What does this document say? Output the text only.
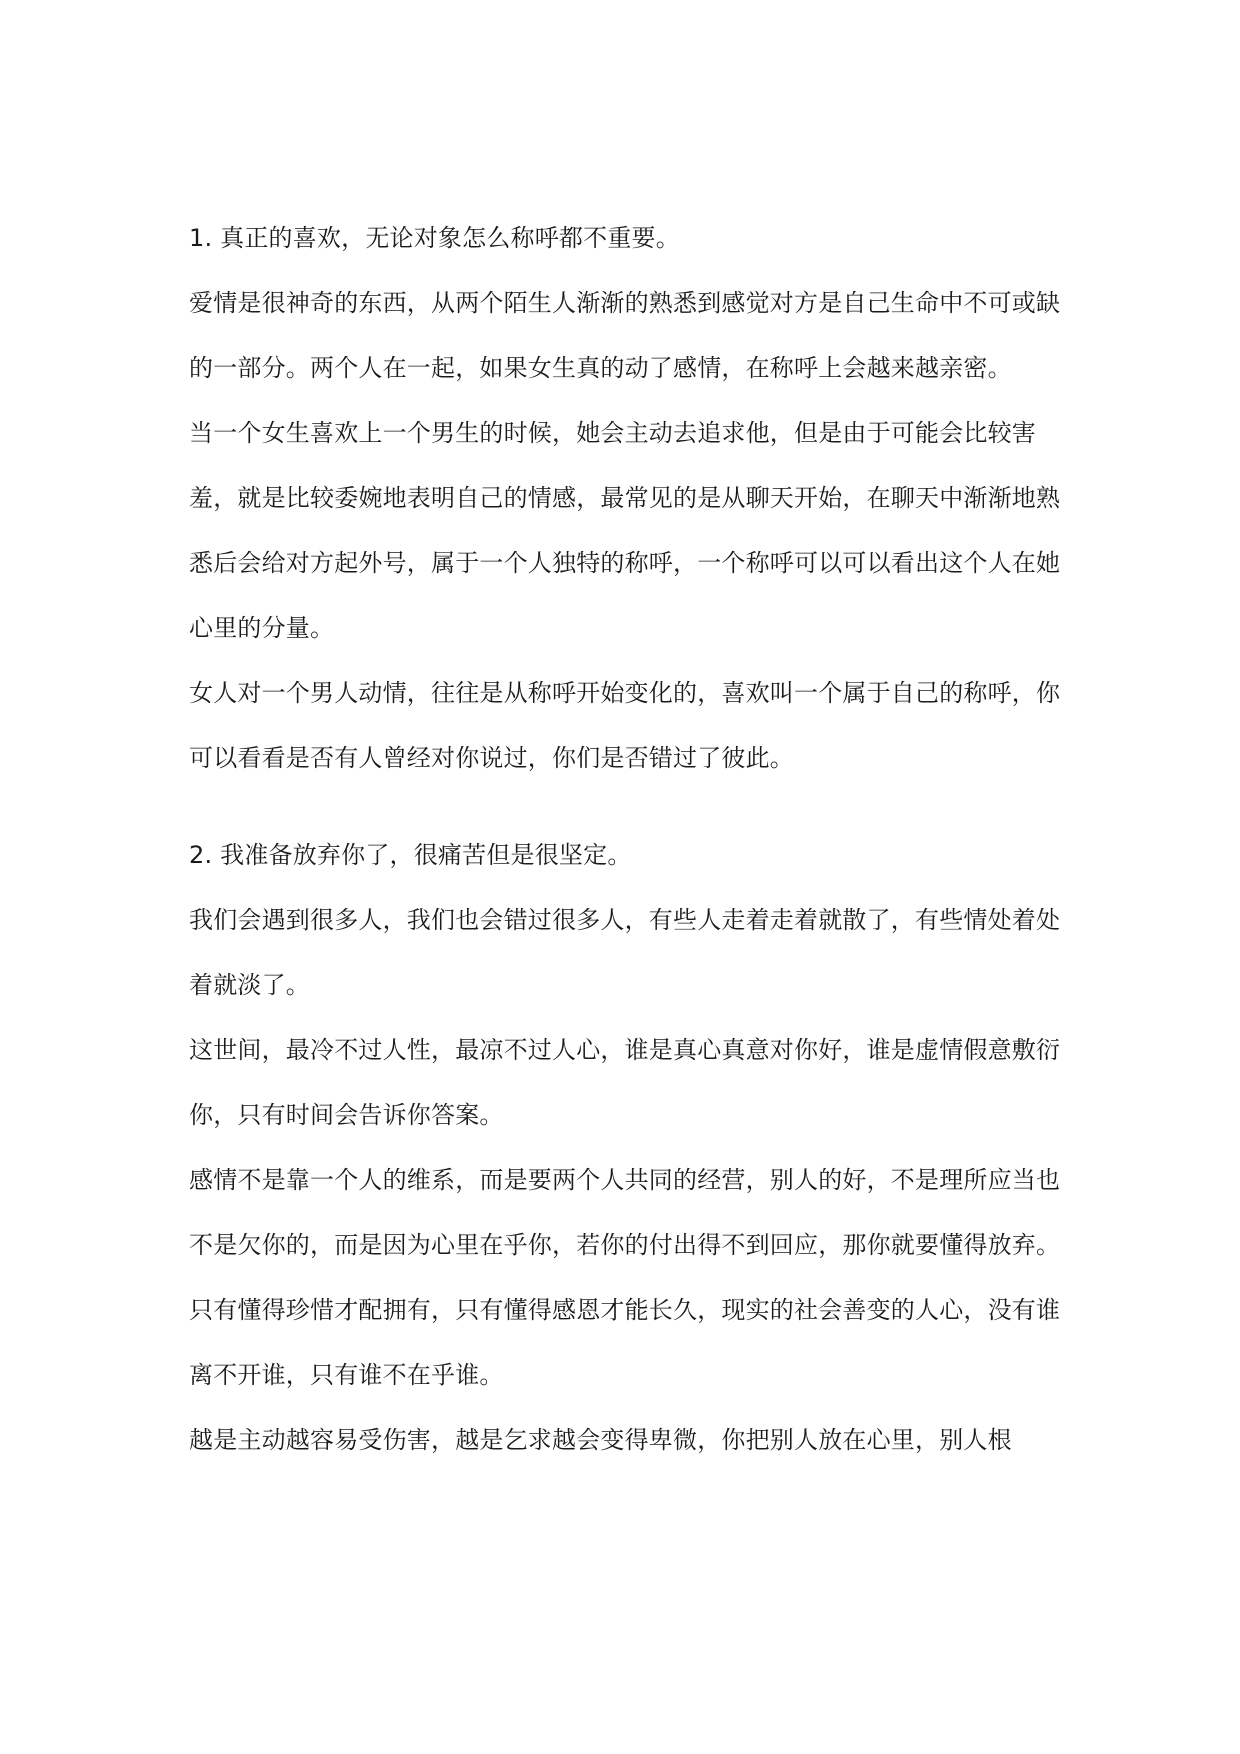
1. 真正的喜欢，无论对象怎么称呼都不重要。

爱情是很神奇的东西，从两个陌生人渐渐的熟悉到感觉对方是自己生命中不可或缺的一部分。两个人在一起，如果女生真的动了感情，在称呼上会越来越亲密。

当一个女生喜欢上一个男生的时候，她会主动去追求他，但是由于可能会比较害羞，就是比较委婉地表明自己的情感，最常见的是从聊天开始，在聊天中渐渐地熟悉后会给对方起外号，属于一个人独特的称呼，一个称呼可以可以看出这个人在她心里的分量。

女人对一个男人动情，往往是从称呼开始变化的，喜欢叫一个属于自己的称呼，你可以看看是否有人曾经对你说过，你们是否错过了彼此。

2. 我准备放弃你了，很痛苦但是很坚定。

我们会遇到很多人，我们也会错过很多人，有些人走着走着就散了，有些情处着处着就淡了。

这世间，最冷不过人性，最凉不过人心，谁是真心真意对你好，谁是虚情假意敷衍你，只有时间会告诉你答案。

感情不是靠一个人的维系，而是要两个人共同的经营，别人的好，不是理所应当也不是欠你的，而是因为心里在乎你，若你的付出得不到回应，那你就要懂得放弃。

只有懂得珍惜才配拥有，只有懂得感恩才能长久，现实的社会善变的人心，没有谁离不开谁，只有谁不在乎谁。

越是主动越容易受伤害，越是乞求越会变得卑微，你把别人放在心里，别人根
